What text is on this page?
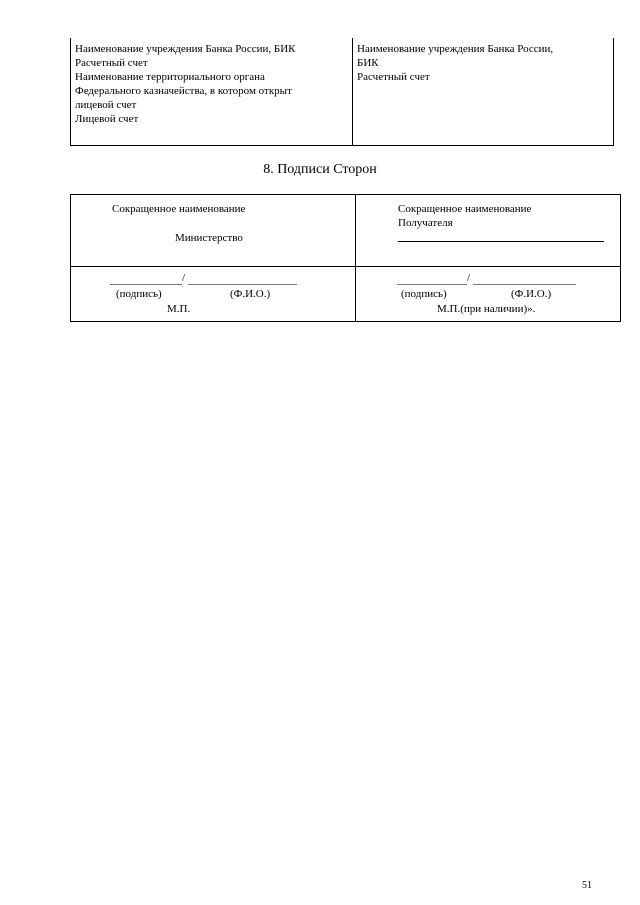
Наименование учреждения Банка России, БИК
Расчетный счет
Наименование территориального органа
Федерального казначейства, в котором открыт
лицевой счет
Лицевой счет
Наименование учреждения Банка России,
БИК
Расчетный счет
8. Подписи Сторон
Сокращенное наименование
Министерство
/
(подпись)	(Ф.И.О.)
М.П.
Сокращенное наименование
Получателя
/
(подпись)	(Ф.И.О.)
М.П.(при наличии)».
51
